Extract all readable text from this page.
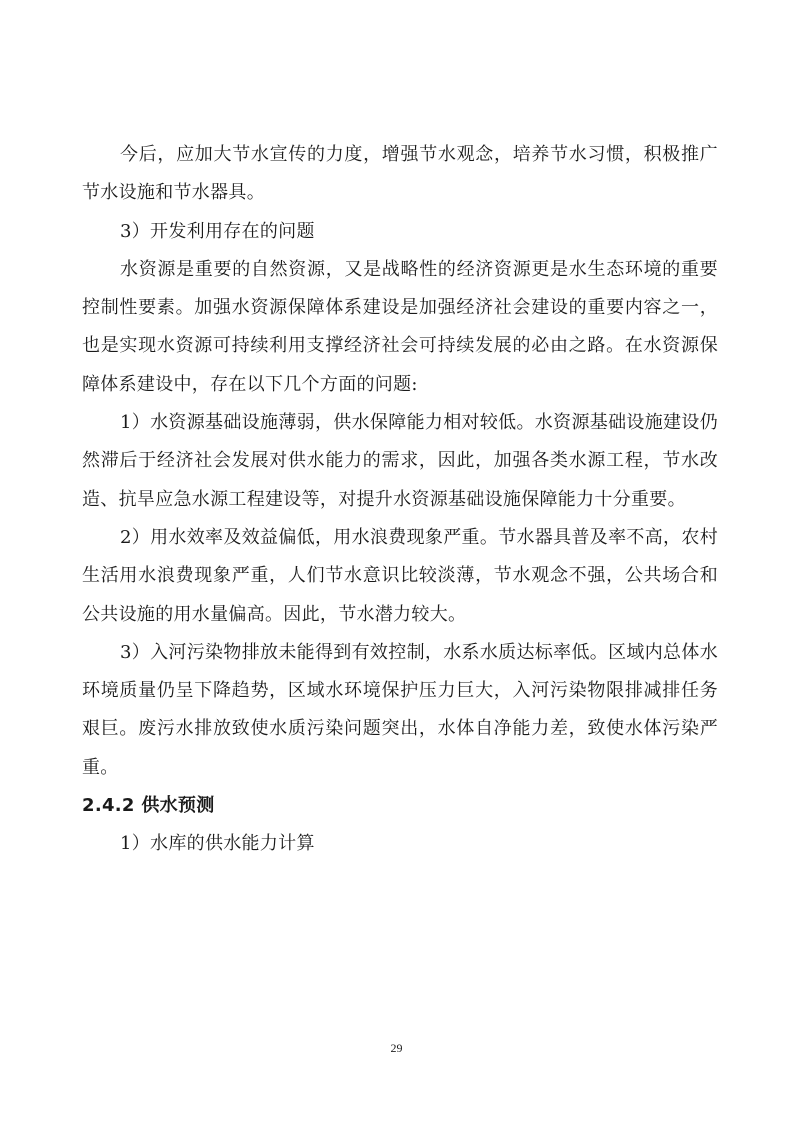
今后，应加大节水宣传的力度，增强节水观念，培养节水习惯，积极推广节水设施和节水器具。

3）开发利用存在的问题

水资源是重要的自然资源，又是战略性的经济资源更是水生态环境的重要控制性要素。加强水资源保障体系建设是加强经济社会建设的重要内容之一，也是实现水资源可持续利用支撑经济社会可持续发展的必由之路。在水资源保障体系建设中，存在以下几个方面的问题:

1）水资源基础设施薄弱，供水保障能力相对较低。水资源基础设施建设仍然滞后于经济社会发展对供水能力的需求，因此，加强各类水源工程，节水改造、抗旱应急水源工程建设等，对提升水资源基础设施保障能力十分重要。

2）用水效率及效益偏低，用水浪费现象严重。节水器具普及率不高，农村生活用水浪费现象严重，人们节水意识比较淡薄，节水观念不强，公共场合和公共设施的用水量偏高。因此，节水潜力较大。

3）入河污染物排放未能得到有效控制，水系水质达标率低。区域内总体水环境质量仍呈下降趋势，区域水环境保护压力巨大，入河污染物限排减排任务艰巨。废污水排放致使水质污染问题突出，水体自净能力差，致使水体污染严重。

2.4.2 供水预测

1）水库的供水能力计算

29
